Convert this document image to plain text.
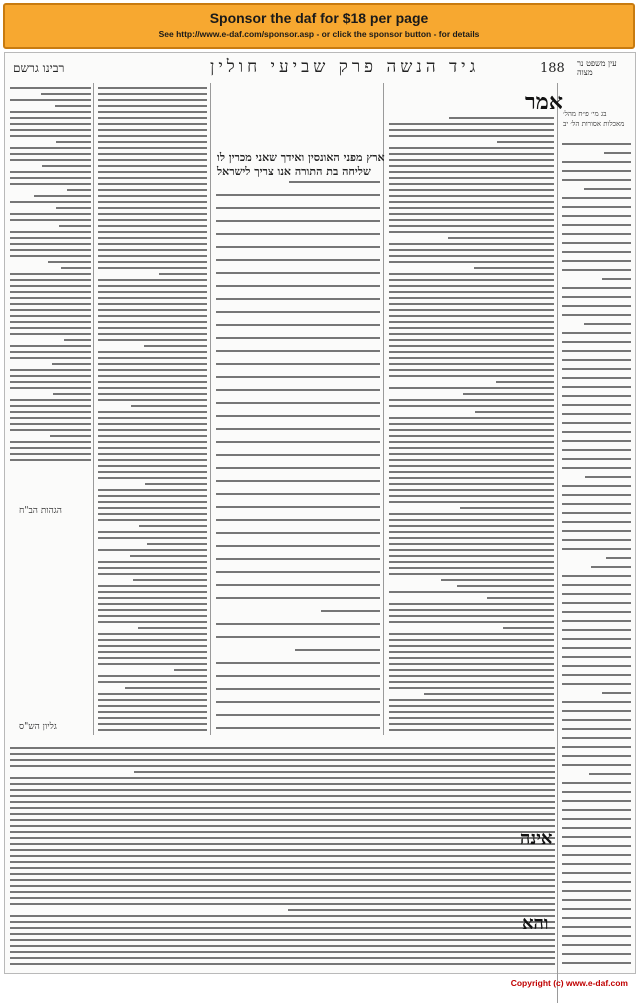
Sponsor the daf for $18 per page
See http://www.e-daf.com/sponsor.asp - or click the sponsor button - for details
רבינו גרשם	גיד הנשה פרק שביעי חולין	188 עין משפט נר מצוה
אמר
אינה
והא
ארץ מפני האונסין ואידך שאני מכרין לו
שליחה בת התורה אנו צריך לישראל
הגהות הב"ח
גליון הש"ס
בג מי׳ פ״ח מהל׳ מאכלות אסורות הל׳ יב
Copyright (c) www.e-daf.com
